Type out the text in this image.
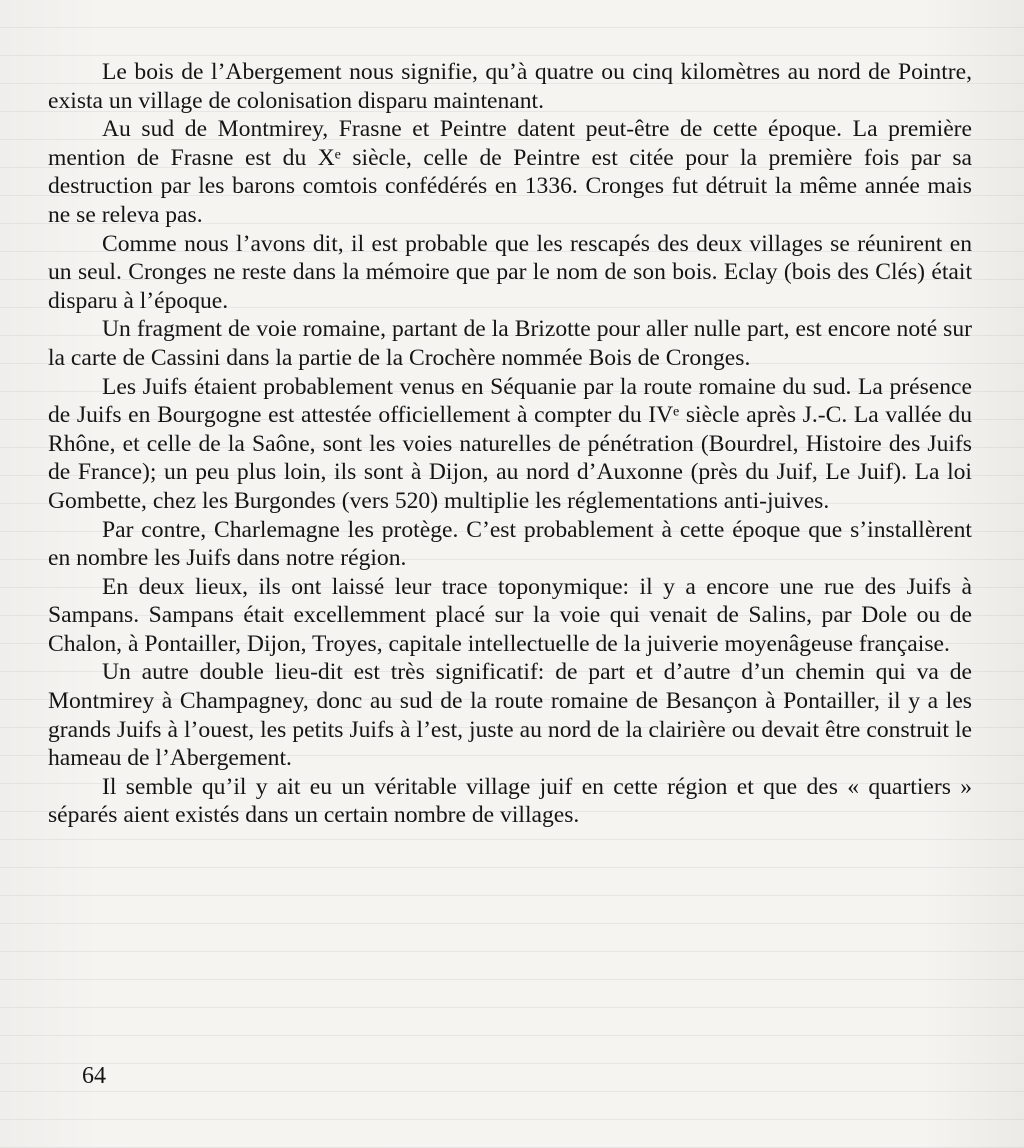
Le bois de l’Abergement nous signifie, qu’à quatre ou cinq kilomètres au nord de Pointre, exista un village de colonisation disparu maintenant.

Au sud de Montmirey, Frasne et Peintre datent peut-être de cette époque. La première mention de Frasne est du Xᵉ siècle, celle de Peintre est citée pour la première fois par sa destruction par les barons comtois confédérés en 1336. Cronges fut détruit la même année mais ne se releva pas.

Comme nous l’avons dit, il est probable que les rescapés des deux villages se réunirent en un seul. Cronges ne reste dans la mémoire que par le nom de son bois. Eclay (bois des Clés) était disparu à l’époque.

Un fragment de voie romaine, partant de la Brizotte pour aller nulle part, est encore noté sur la carte de Cassini dans la partie de la Crochère nommée Bois de Cronges.

Les Juifs étaient probablement venus en Séquanie par la route romaine du sud. La présence de Juifs en Bourgogne est attestée officiellement à compter du IVᵉ siècle après J.-C. La vallée du Rhône, et celle de la Saône, sont les voies naturelles de pénétration (Bourdrel, Histoire des Juifs de France); un peu plus loin, ils sont à Dijon, au nord d’Auxonne (près du Juif, Le Juif). La loi Gombette, chez les Burgondes (vers 520) multiplie les réglementations anti-juives.

Par contre, Charlemagne les protège. C’est probablement à cette époque que s’installèrent en nombre les Juifs dans notre région.

En deux lieux, ils ont laissé leur trace toponymique: il y a encore une rue des Juifs à Sampans. Sampans était excellemment placé sur la voie qui venait de Salins, par Dole ou de Chalon, à Pontailler, Dijon, Troyes, capitale intellectuelle de la juiverie moyenâgeuse française.

Un autre double lieu-dit est très significatif: de part et d’autre d’un chemin qui va de Montmirey à Champagney, donc au sud de la route romaine de Besançon à Pontailler, il y a les grands Juifs à l’ouest, les petits Juifs à l’est, juste au nord de la clairière ou devait être construit le hameau de l’Abergement.

Il semble qu’il y ait eu un véritable village juif en cette région et que des « quartiers » séparés aient existés dans un certain nombre de villages.

64
